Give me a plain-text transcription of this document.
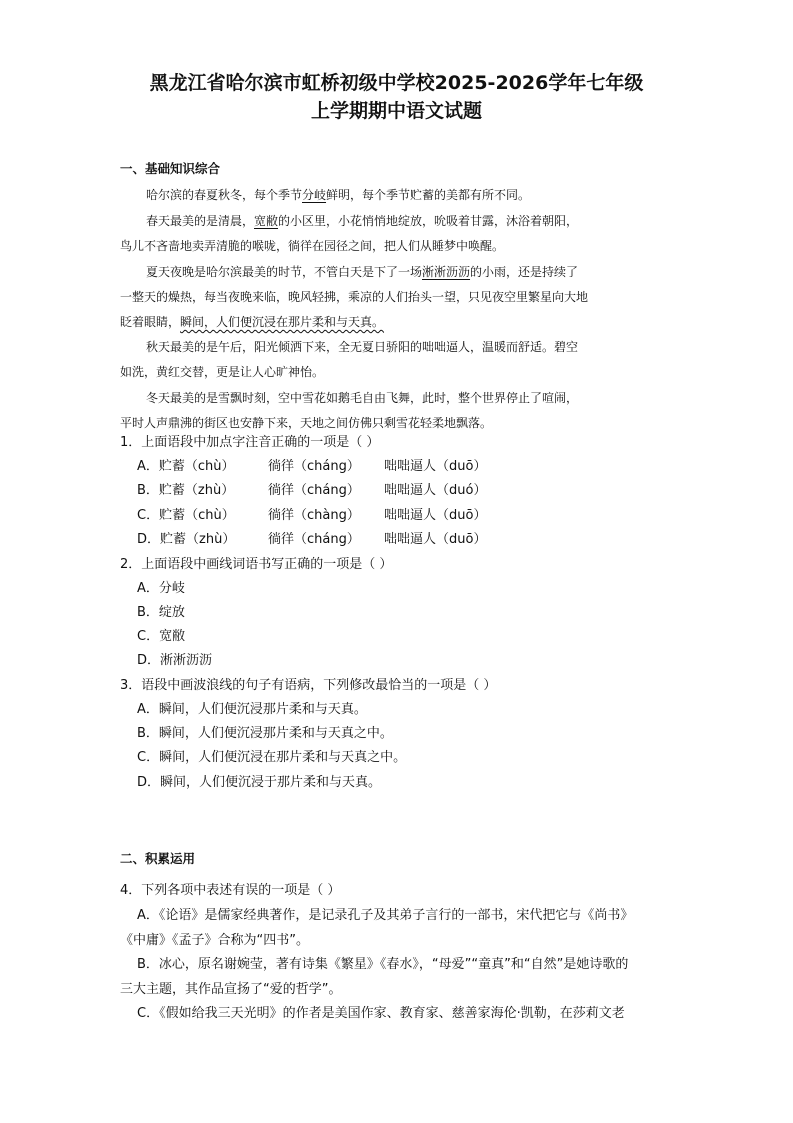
黑龙江省哈尔滨市虹桥初级中学校2025-2026学年七年级
上学期期中语文试题
一、基础知识综合
哈尔滨的春夏秋冬，每个季节分岐鲜明，每个季节贮蓄的美都有所不同。
春天最美的是清晨，宽敝的小区里，小花悄悄地绽放，吮吸着甘露，沐浴着朝阳，
鸟儿不吝啬地卖弄清脆的喉咙，徜徉在园径之间，把人们从睡梦中唤醒。
夏天夜晚是哈尔滨最美的时节，不管白天是下了一场淅淅沥沥的小雨，还是持续了
一整天的燥热，每当夜晚来临，晚风轻拂，乘凉的人们抬头一望，只见夜空里繁星向大地
眨着眼睛，瞬间，人们便沉浸在那片柔和与天真。
秋天最美的是午后，阳光倾洒下来，全无夏日骄阳的咄咄逼人，温暖而舒适。碧空
如洗，黄红交替，更是让人心旷神怡。
冬天最美的是雪飘时刻，空中雪花如鹅毛自由飞舞，此时，整个世界停止了喧闹，
平时人声鼎沸的街区也安静下来，天地之间仿佛只剩雪花轻柔地飘落。
1．上面语段中加点字注音正确的一项是（ ）
A．贮蓄（chù）	徜徉（cháng） 咄咄逼人（duō）
B．贮蓄（zhù）	徜徉（cháng） 咄咄逼人（duó）
C．贮蓄（chù）	徜徉（chàng） 咄咄逼人（duō）
D．贮蓄（zhù）	徜徉（cháng） 咄咄逼人（duō）
2．上面语段中画线词语书写正确的一项是（ ）
A．分岐
B．绽放
C．宽敝
D．淅淅沥沥
3．语段中画波浪线的句子有语病，下列修改最恰当的一项是（ ）
A．瞬间，人们便沉浸那片柔和与天真。
B．瞬间，人们便沉浸那片柔和与天真之中。
C．瞬间，人们便沉浸在那片柔和与天真之中。
D．瞬间，人们便沉浸于那片柔和与天真。
二、积累运用
4．下列各项中表述有误的一项是（ ）
A．《论语》是儒家经典著作，是记录孔子及其弟子言行的一部书，宋代把它与《尚书》
《中庸》《孟子》合称为“四书”。
B．冰心，原名谢婉莹，著有诗集《繁星》《春水》，“母爱”“童真”和“自然”是她诗歌的
三大主题，其作品宣扬了“爱的哲学”。
C．《假如给我三天光明》的作者是美国作家、教育家、慈善家海伦·凯勒，在莎莉文老
